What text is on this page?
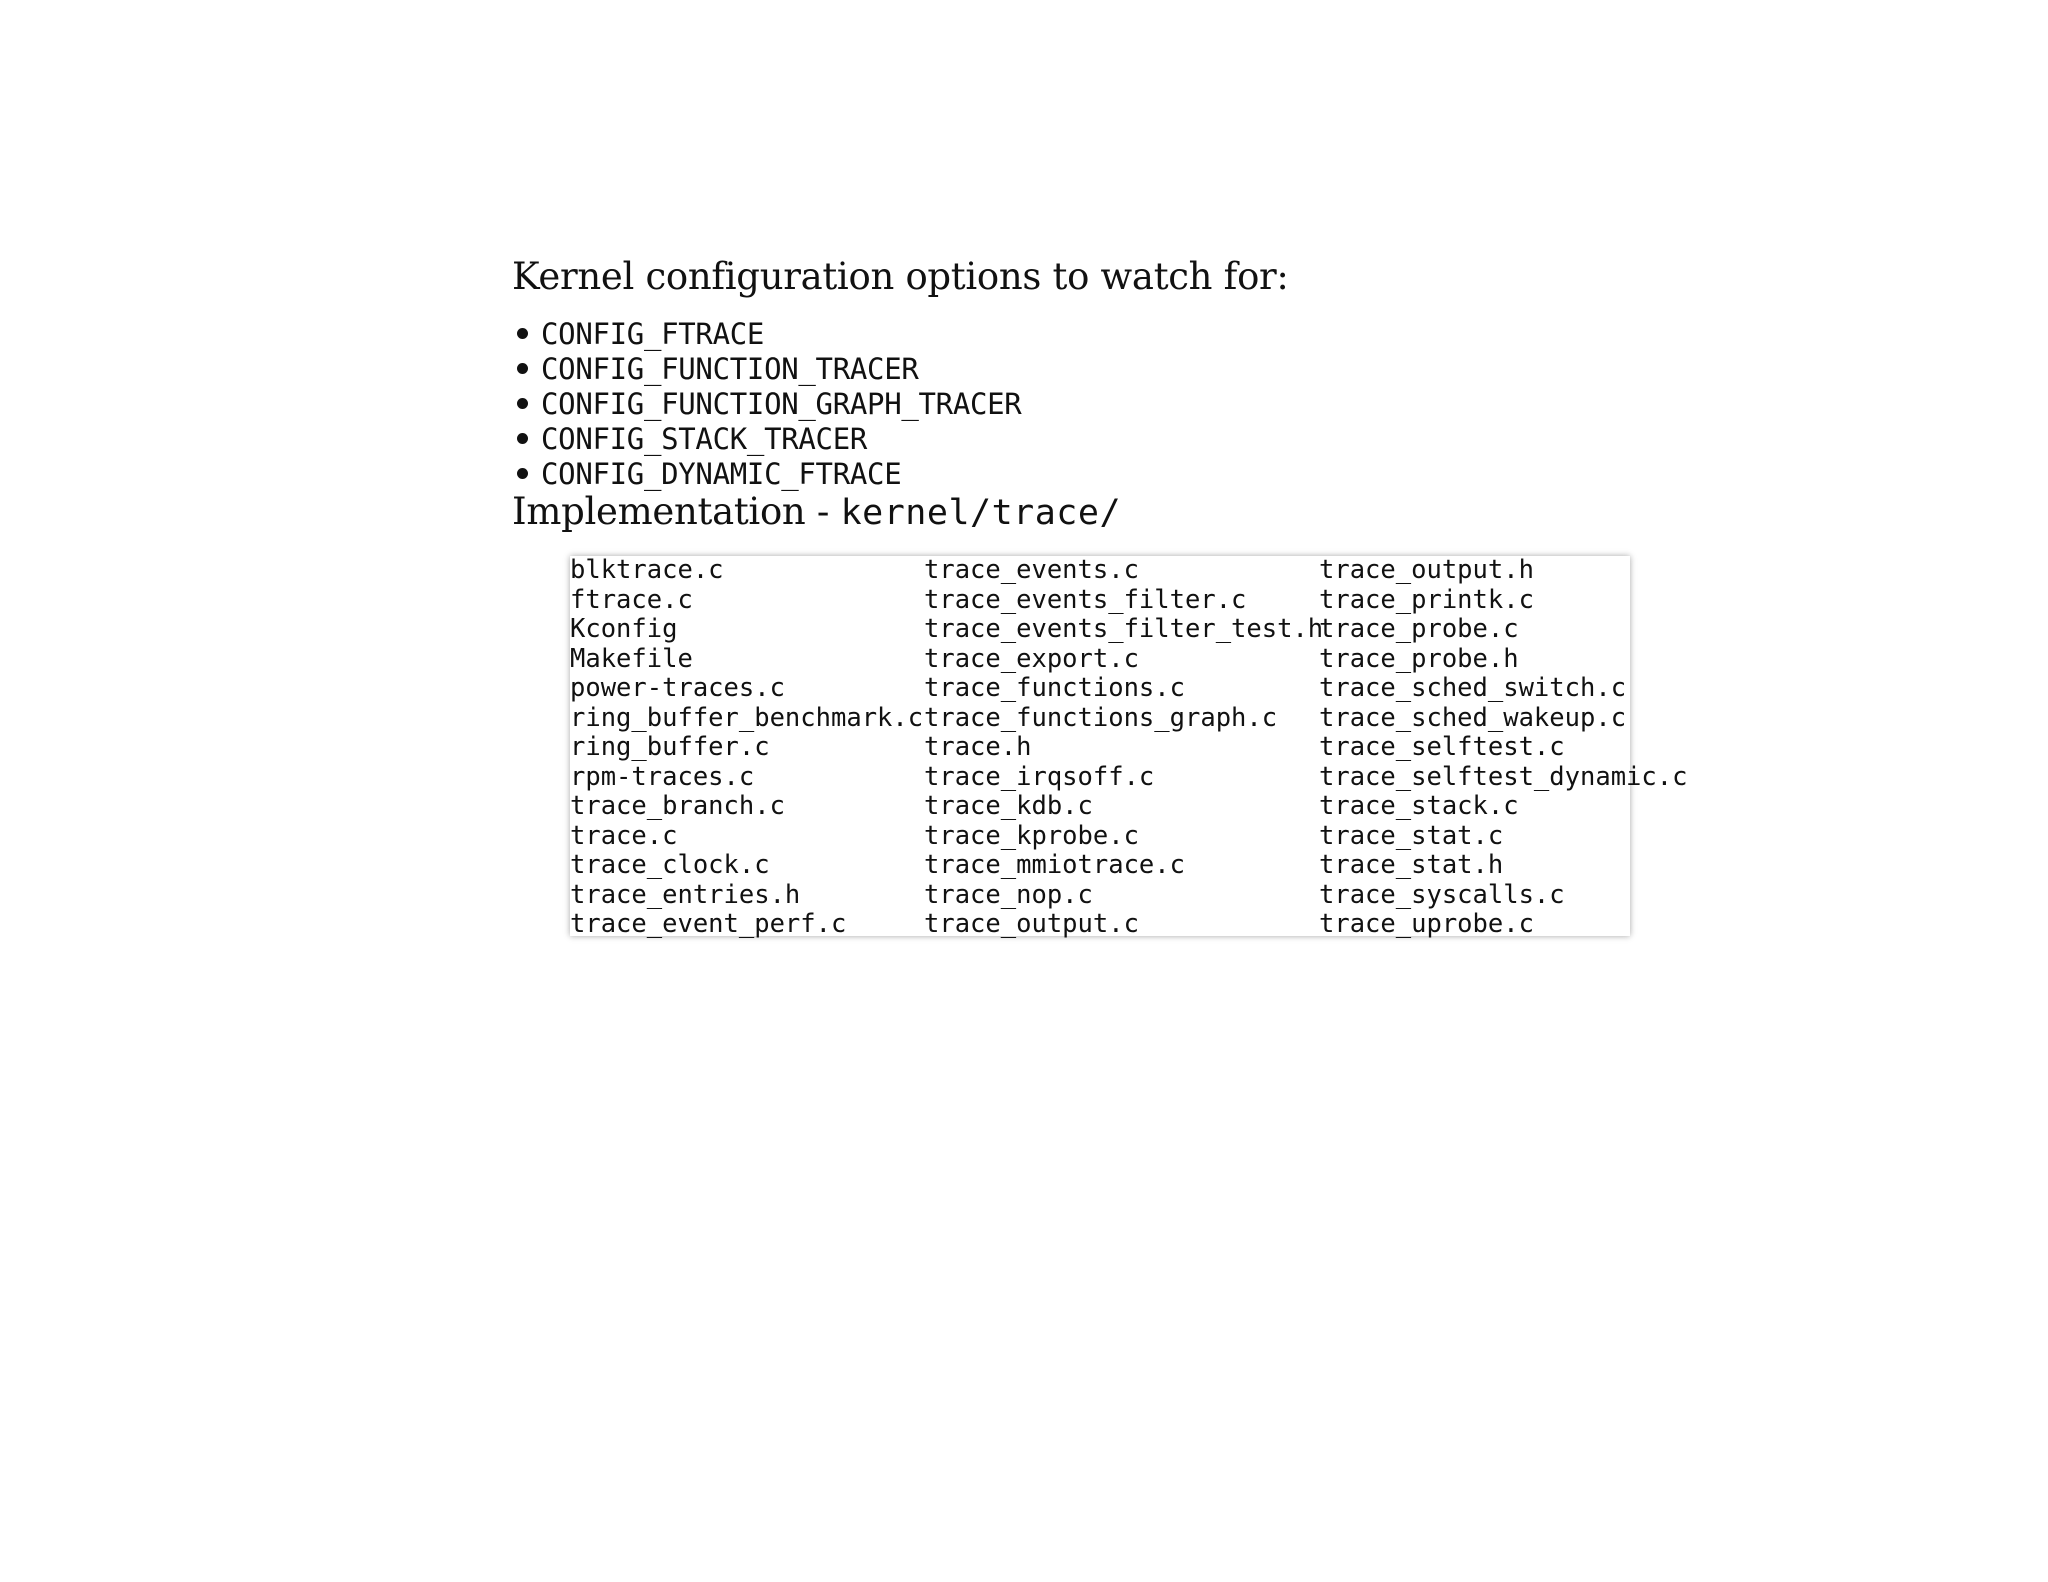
Kernel configuration options to watch for:
CONFIG_FTRACE
CONFIG_FUNCTION_TRACER
CONFIG_FUNCTION_GRAPH_TRACER
CONFIG_STACK_TRACER
CONFIG_DYNAMIC_FTRACE
Implementation - kernel/trace/
blktrace.c
ftrace.c
Kconfig
Makefile
power-traces.c
ring_buffer_benchmark.c
ring_buffer.c
rpm-traces.c
trace_branch.c
trace.c
trace_clock.c
trace_entries.h
trace_event_perf.c
trace_events.c
trace_events_filter.c
trace_events_filter_test.h
trace_export.c
trace_functions.c
trace_functions_graph.c
trace.h
trace_irqsoff.c
trace_kdb.c
trace_kprobe.c
trace_mmiotrace.c
trace_nop.c
trace_output.c
trace_output.h
trace_printk.c
trace_probe.c
trace_probe.h
trace_sched_switch.c
trace_sched_wakeup.c
trace_selftest.c
trace_selftest_dynamic.c
trace_stack.c
trace_stat.c
trace_stat.h
trace_syscalls.c
trace_uprobe.c
